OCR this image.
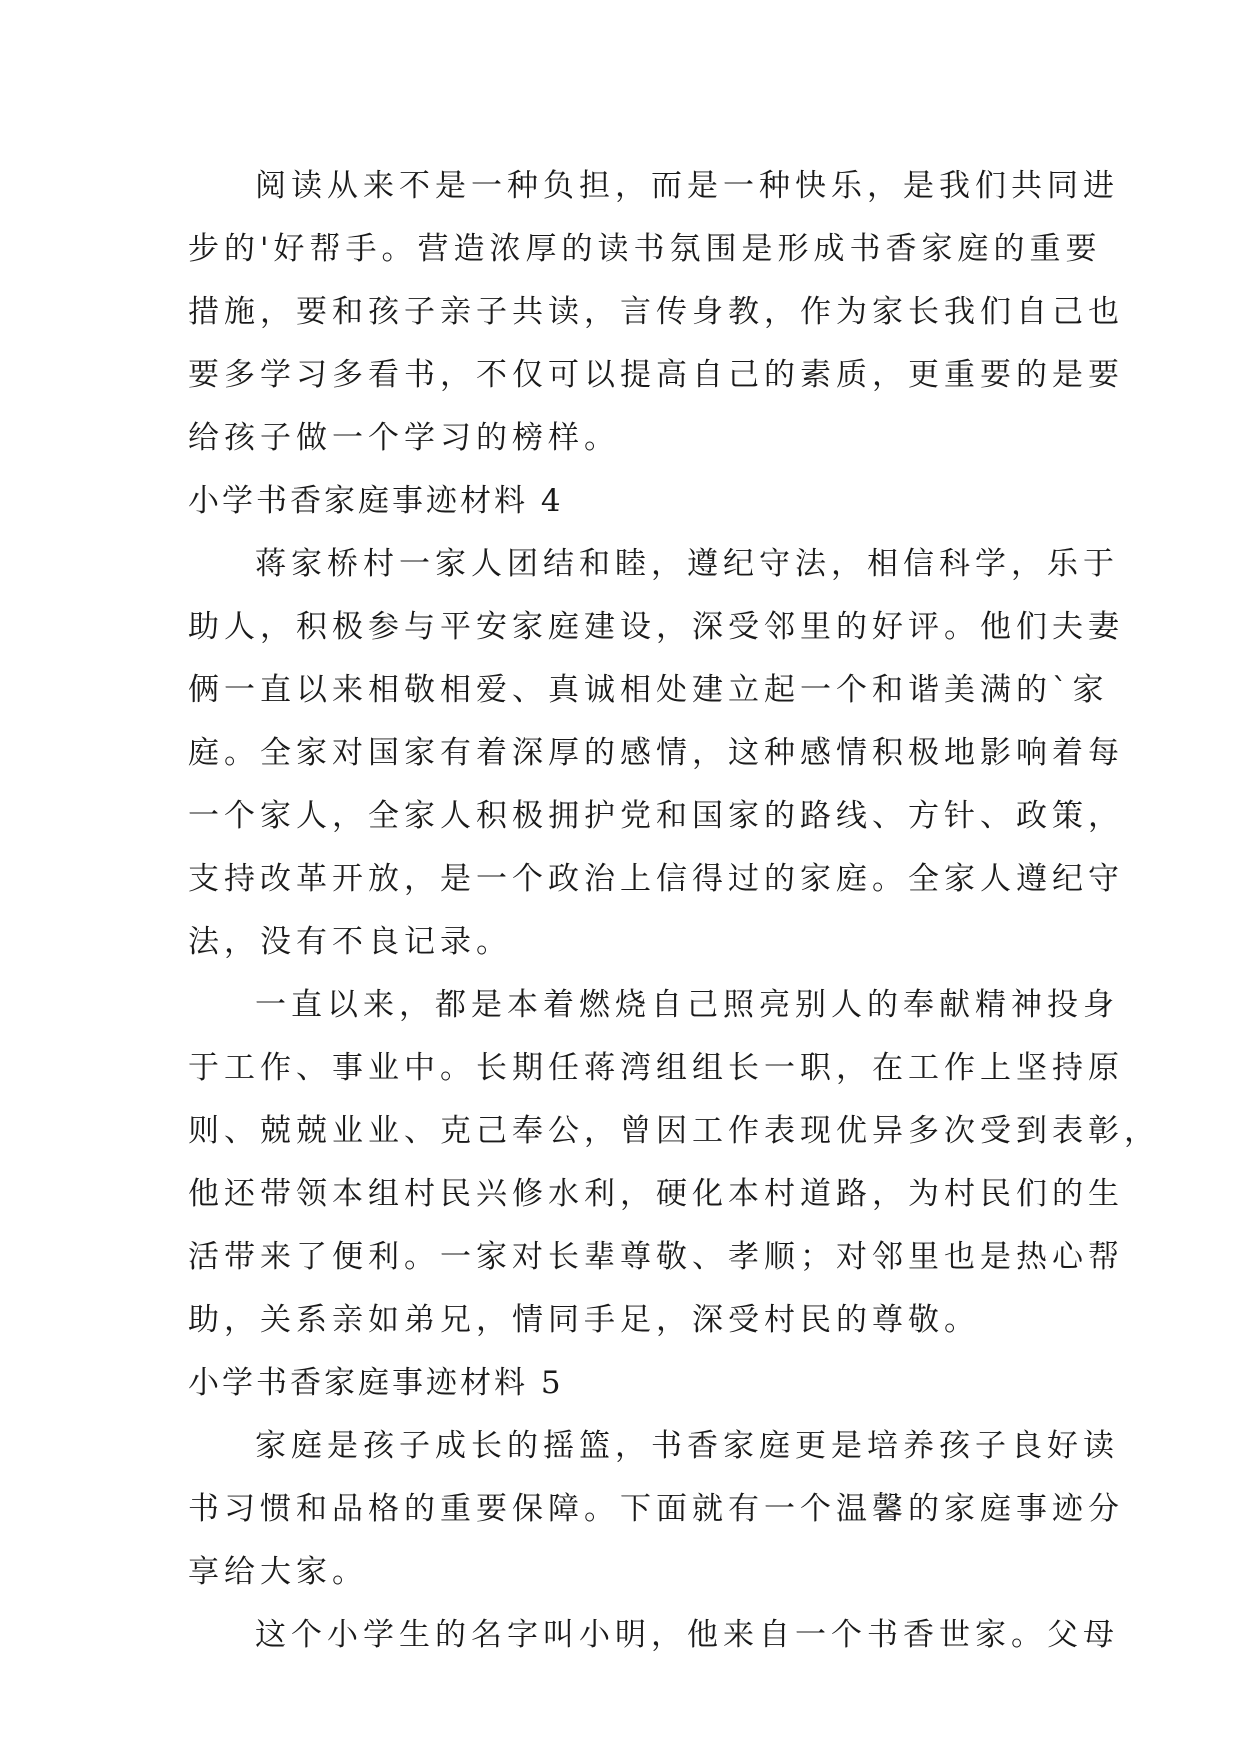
阅读从来不是一种负担，而是一种快乐，是我们共同进
步的'好帮手。营造浓厚的读书氛围是形成书香家庭的重要
措施，要和孩子亲子共读，言传身教，作为家长我们自己也
要多学习多看书，不仅可以提高自己的素质，更重要的是要
给孩子做一个学习的榜样。
小学书香家庭事迹材料 4
蒋家桥村一家人团结和睦，遵纪守法，相信科学，乐于
助人，积极参与平安家庭建设，深受邻里的好评。他们夫妻
俩一直以来相敬相爱、真诚相处建立起一个和谐美满的`家
庭。全家对国家有着深厚的感情，这种感情积极地影响着每
一个家人，全家人积极拥护党和国家的路线、方针、政策，
支持改革开放，是一个政治上信得过的家庭。全家人遵纪守
法，没有不良记录。
一直以来，都是本着燃烧自己照亮别人的奉献精神投身
于工作、事业中。长期任蒋湾组组长一职，在工作上坚持原
则、兢兢业业、克己奉公，曾因工作表现优异多次受到表彰，
他还带领本组村民兴修水利，硬化本村道路，为村民们的生
活带来了便利。一家对长辈尊敬、孝顺；对邻里也是热心帮
助，关系亲如弟兄，情同手足，深受村民的尊敬。
小学书香家庭事迹材料 5
家庭是孩子成长的摇篮，书香家庭更是培养孩子良好读
书习惯和品格的重要保障。下面就有一个温馨的家庭事迹分
享给大家。
这个小学生的名字叫小明，他来自一个书香世家。父母
